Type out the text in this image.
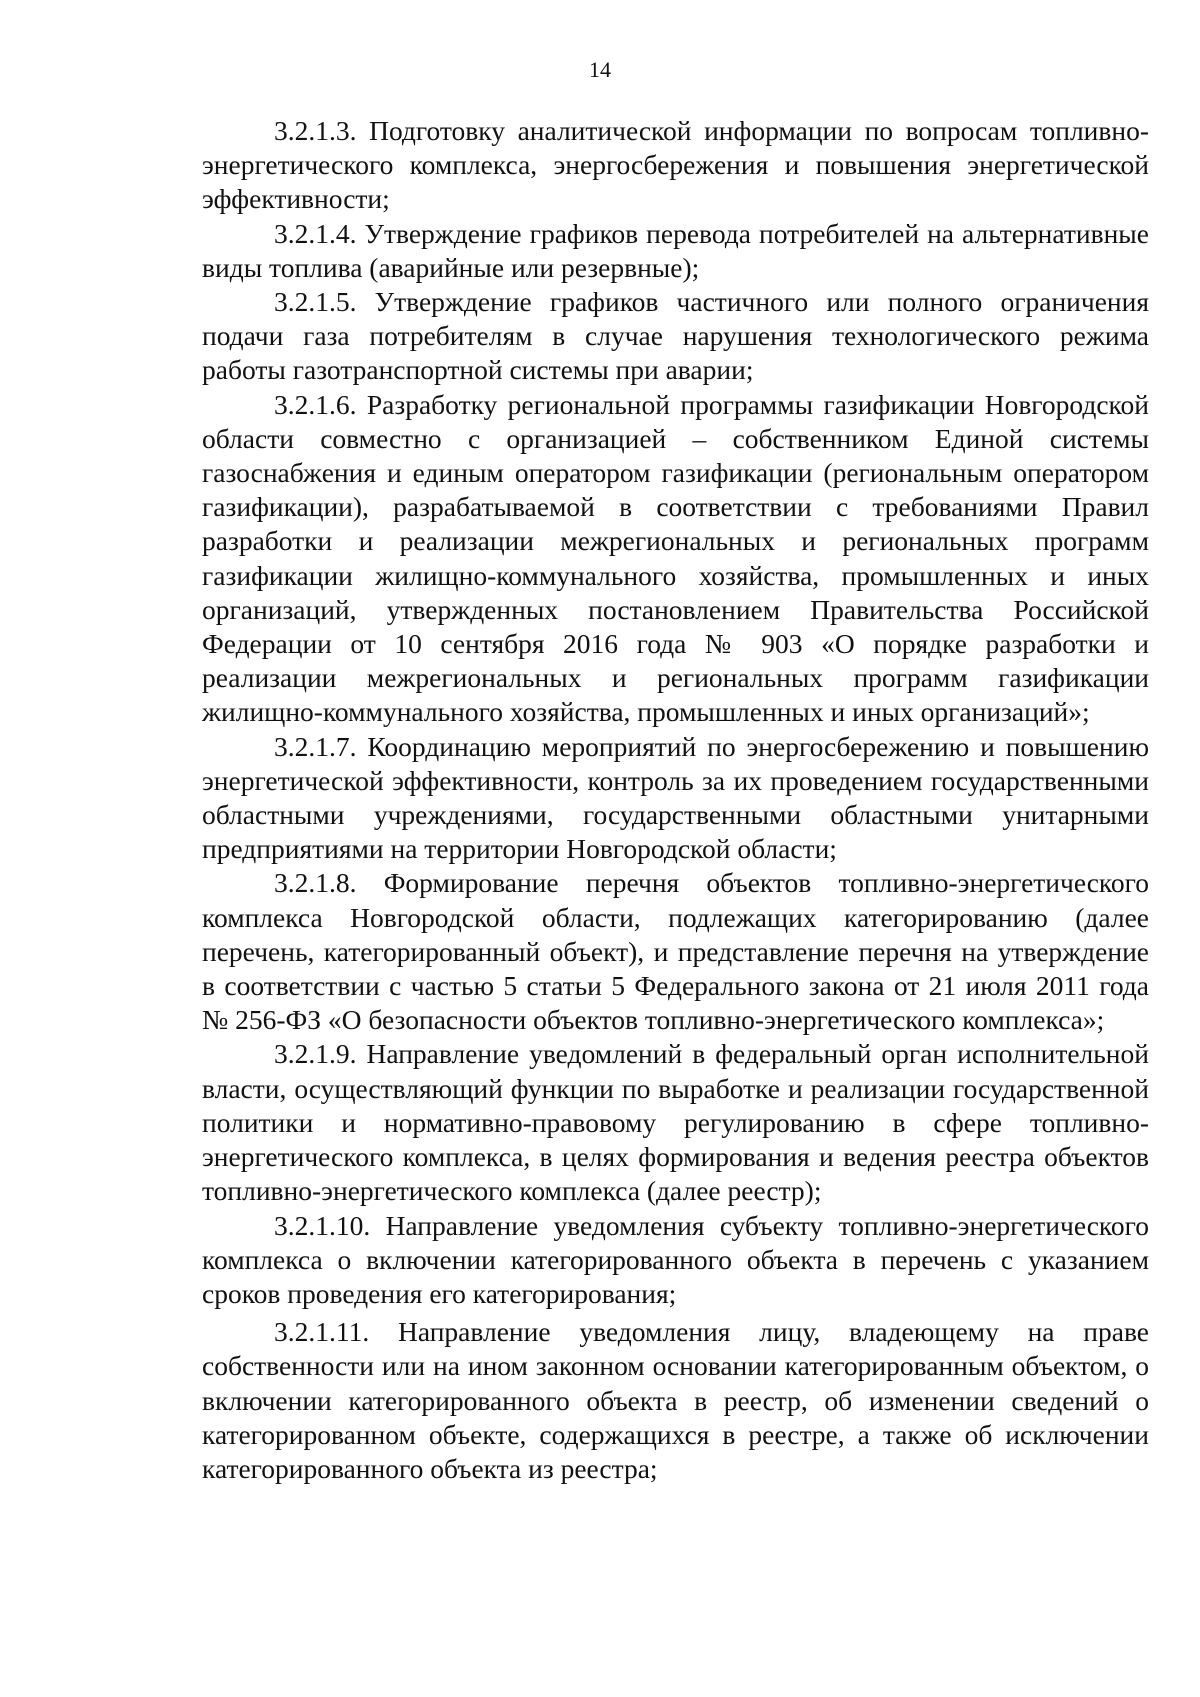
14

3.2.1.3. Подготовку аналитической информации по вопросам топливно-энергетического комплекса, энергосбережения и повышения энергетической эффективности;

3.2.1.4. Утверждение графиков перевода потребителей на альтернативные виды топлива (аварийные или резервные);

3.2.1.5. Утверждение графиков частичного или полного ограничения подачи газа потребителям в случае нарушения технологического режима работы газотранспортной системы при аварии;

3.2.1.6. Разработку региональной программы газификации Новгородской области совместно с организацией – собственником Единой системы газоснабжения и единым оператором газификации (региональным оператором газификации), разрабатываемой в соответствии с требованиями Правил разработки и реализации межрегиональных и региональных программ газификации жилищно-коммунального хозяйства, промышленных и иных организаций, утвержденных постановлением Правительства Российской Федерации от 10 сентября 2016 года № 903 «О порядке разработки и реализации межрегиональных и региональных программ газификации жилищно-коммунального хозяйства, промышленных и иных организаций»;

3.2.1.7. Координацию мероприятий по энергосбережению и повышению энергетической эффективности, контроль за их проведением государственными областными учреждениями, государственными областными унитарными предприятиями на территории Новгородской области;

3.2.1.8. Формирование перечня объектов топливно-энергетического комплекса Новгородской области, подлежащих категорированию (далее перечень, категорированный объект), и представление перечня на утверждение в соответствии с частью 5 статьи 5 Федерального закона от 21 июля 2011 года № 256-ФЗ «О безопасности объектов топливно-энергетического комплекса»;

3.2.1.9. Направление уведомлений в федеральный орган исполнительной власти, осуществляющий функции по выработке и реализации государственной политики и нормативно-правовому регулированию в сфере топливно-энергетического комплекса, в целях формирования и ведения реестра объектов топливно-энергетического комплекса (далее реестр);

3.2.1.10. Направление уведомления субъекту топливно-энергетического комплекса о включении категорированного объекта в перечень с указанием сроков проведения его категорирования;

3.2.1.11. Направление уведомления лицу, владеющему на праве собственности или на ином законном основании категорированным объектом, о включении категорированного объекта в реестр, об изменении сведений о категорированном объекте, содержащихся в реестре, а также об исключении категорированного объекта из реестра;
